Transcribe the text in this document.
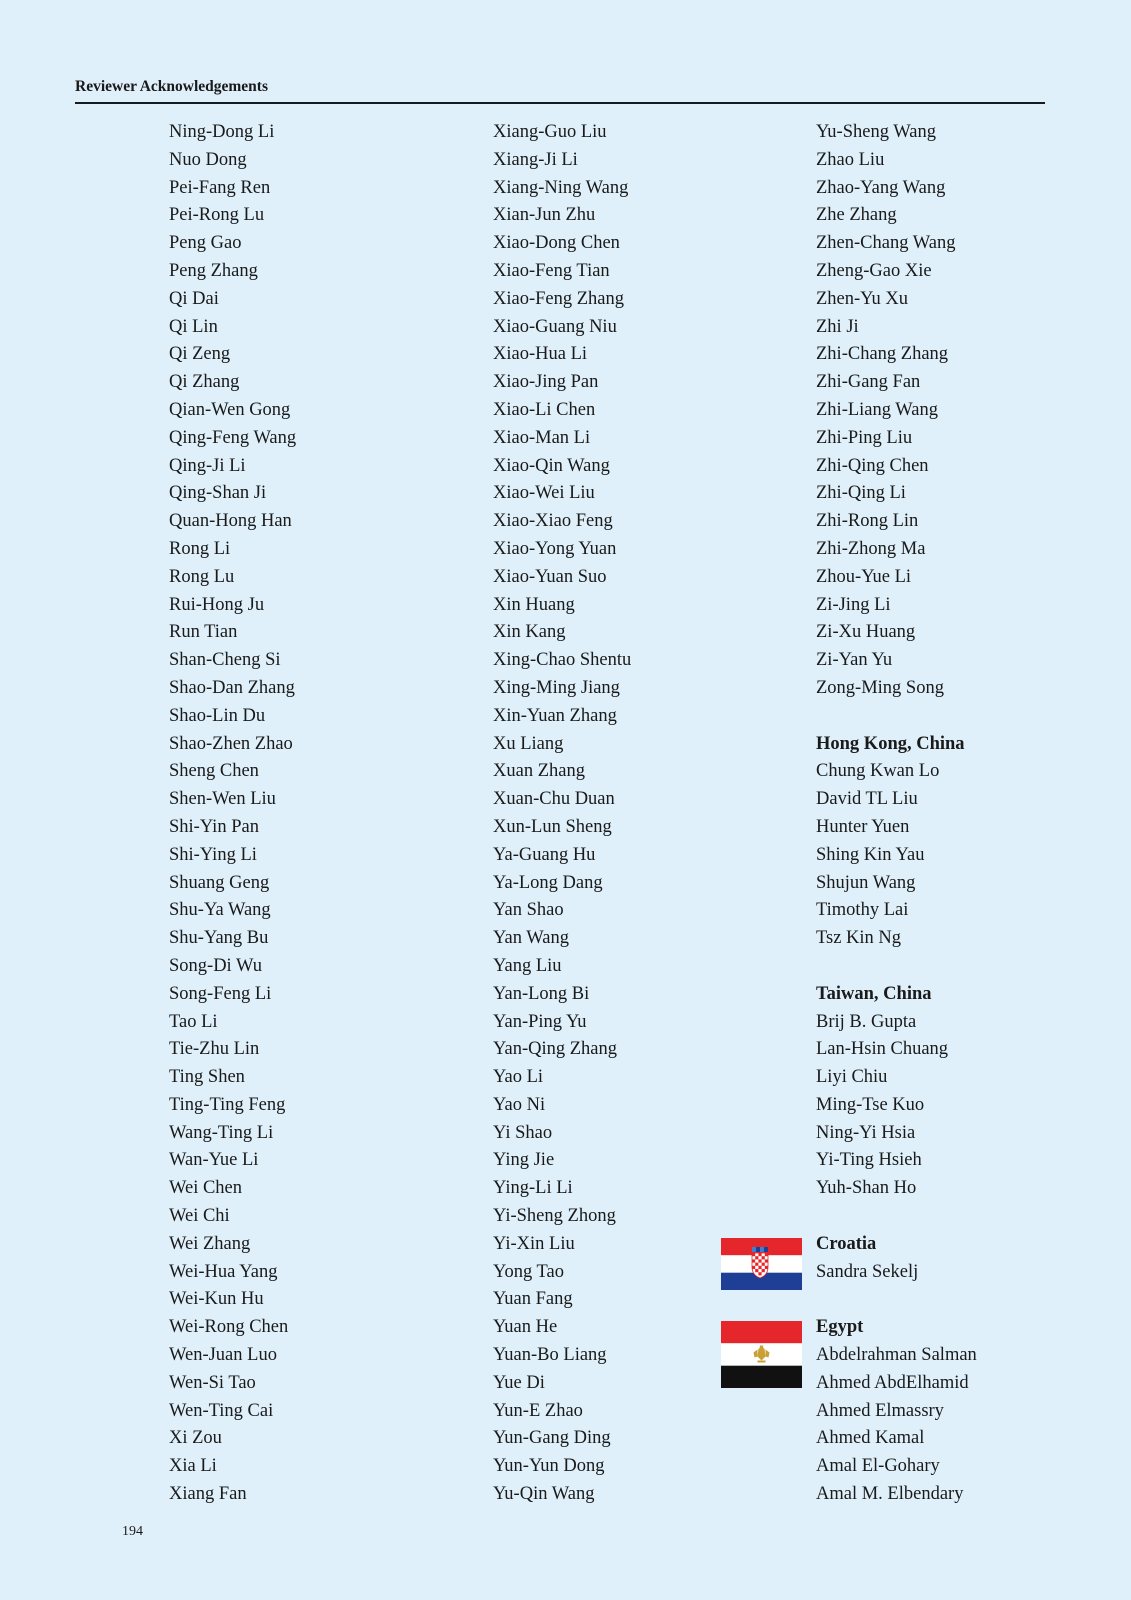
Reviewer Acknowledgements
Ning-Dong Li
Nuo Dong
Pei-Fang Ren
Pei-Rong Lu
Peng Gao
Peng Zhang
Qi Dai
Qi Lin
Qi Zeng
Qi Zhang
Qian-Wen Gong
Qing-Feng Wang
Qing-Ji Li
Qing-Shan Ji
Quan-Hong Han
Rong Li
Rong Lu
Rui-Hong Ju
Run Tian
Shan-Cheng Si
Shao-Dan Zhang
Shao-Lin Du
Shao-Zhen Zhao
Sheng Chen
Shen-Wen Liu
Shi-Yin Pan
Shi-Ying Li
Shuang Geng
Shu-Ya Wang
Shu-Yang Bu
Song-Di Wu
Song-Feng Li
Tao Li
Tie-Zhu Lin
Ting Shen
Ting-Ting Feng
Wang-Ting Li
Wan-Yue Li
Wei Chen
Wei Chi
Wei Zhang
Wei-Hua Yang
Wei-Kun Hu
Wei-Rong Chen
Wen-Juan Luo
Wen-Si Tao
Wen-Ting Cai
Xi Zou
Xia Li
Xiang Fan
Xiang-Guo Liu
Xiang-Ji Li
Xiang-Ning Wang
Xian-Jun Zhu
Xiao-Dong Chen
Xiao-Feng Tian
Xiao-Feng Zhang
Xiao-Guang Niu
Xiao-Hua Li
Xiao-Jing Pan
Xiao-Li Chen
Xiao-Man Li
Xiao-Qin Wang
Xiao-Wei Liu
Xiao-Xiao Feng
Xiao-Yong Yuan
Xiao-Yuan Suo
Xin Huang
Xin Kang
Xing-Chao Shentu
Xing-Ming Jiang
Xin-Yuan Zhang
Xu Liang
Xuan Zhang
Xuan-Chu Duan
Xun-Lun Sheng
Ya-Guang Hu
Ya-Long Dang
Yan Shao
Yan Wang
Yang Liu
Yan-Long Bi
Yan-Ping Yu
Yan-Qing Zhang
Yao Li
Yao Ni
Yi Shao
Ying Jie
Ying-Li Li
Yi-Sheng Zhong
Yi-Xin Liu
Yong Tao
Yuan Fang
Yuan He
Yuan-Bo Liang
Yue Di
Yun-E Zhao
Yun-Gang Ding
Yun-Yun Dong
Yu-Qin Wang
Yu-Sheng Wang
Zhao Liu
Zhao-Yang Wang
Zhe Zhang
Zhen-Chang Wang
Zheng-Gao Xie
Zhen-Yu Xu
Zhi Ji
Zhi-Chang Zhang
Zhi-Gang Fan
Zhi-Liang Wang
Zhi-Ping Liu
Zhi-Qing Chen
Zhi-Qing Li
Zhi-Rong Lin
Zhi-Zhong Ma
Zhou-Yue Li
Zi-Jing Li
Zi-Xu Huang
Zi-Yan Yu
Zong-Ming Song
Hong Kong, China
Chung Kwan Lo
David TL Liu
Hunter Yuen
Shing Kin Yau
Shujun Wang
Timothy Lai
Tsz Kin Ng
Taiwan, China
Brij B. Gupta
Lan-Hsin Chuang
Liyi Chiu
Ming-Tse Kuo
Ning-Yi Hsia
Yi-Ting Hsieh
Yuh-Shan Ho
Croatia
Sandra Sekelj
Egypt
Abdelrahman Salman
Ahmed AbdElhamid
Ahmed Elmassry
Ahmed Kamal
Amal El-Gohary
Amal M. Elbendary
194
